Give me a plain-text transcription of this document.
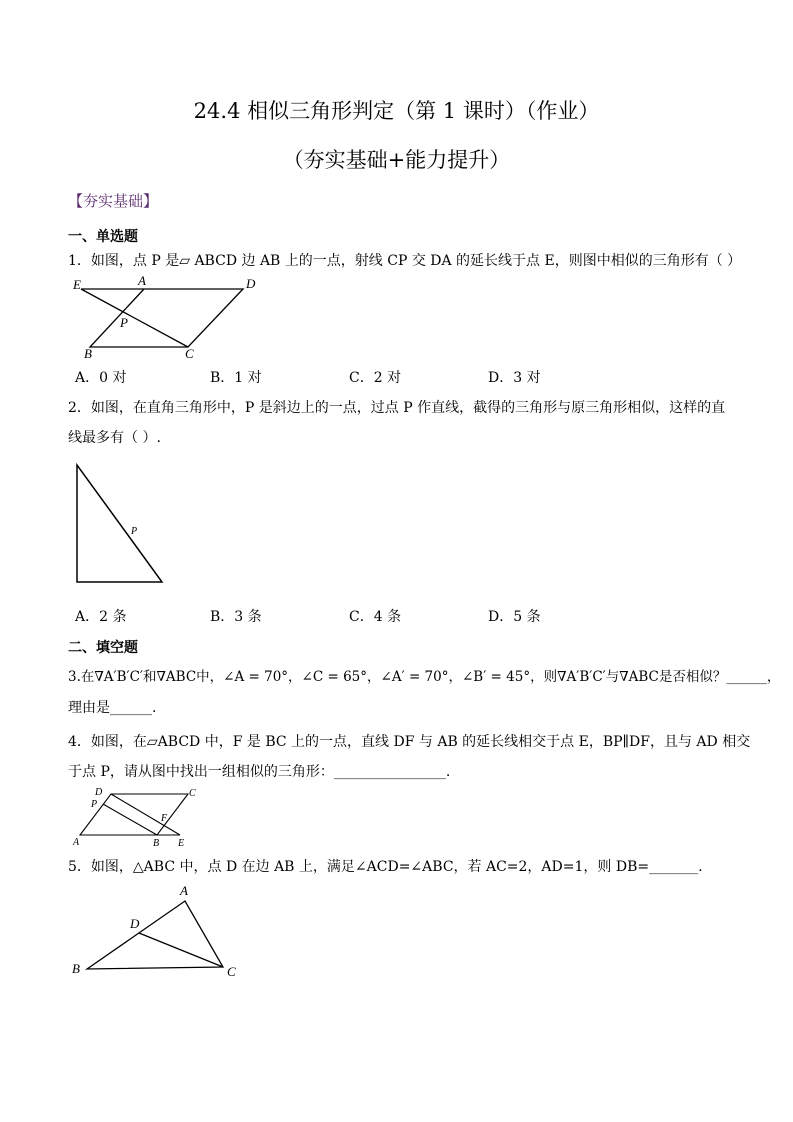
24.4 相似三角形判定（第 1 课时）（作业）
（夯实基础+能力提升）
【夯实基础】
一、单选题
1．如图，点 P 是▱ ABCD 边 AB 上的一点，射线 CP 交 DA 的延长线于点 E，则图中相似的三角形有（ ）
E	A	D
P
B	C
A．0 对	B．1 对	C．2 对	D．3 对
2．如图，在直角三角形中，P 是斜边上的一点，过点 P 作直线，截得的三角形与原三角形相似，这样的直
线最多有（ ）.
P
A．2 条	B．3 条	C．4 条	D．5 条
二、填空题
3.在∇A′B′C′和∇ABC中，∠A = 70°，∠C = 65°，∠A′ = 70°，∠B′ = 45°，则∇A′B′C′与∇ABC是否相似？______，
理由是______.
4．如图，在▱ABCD 中，F 是 BC 上的一点，直线 DF 与 AB 的延长线相交于点 E，BP∥DF，且与 AD 相交
于点 P，请从图中找出一组相似的三角形：________________.
D	C
P
F
A	B E
5．如图，△ABC 中，点 D 在边 AB 上，满足∠ACD=∠ABC，若 AC=2，AD=1，则 DB=_______.
A
D
B	C
